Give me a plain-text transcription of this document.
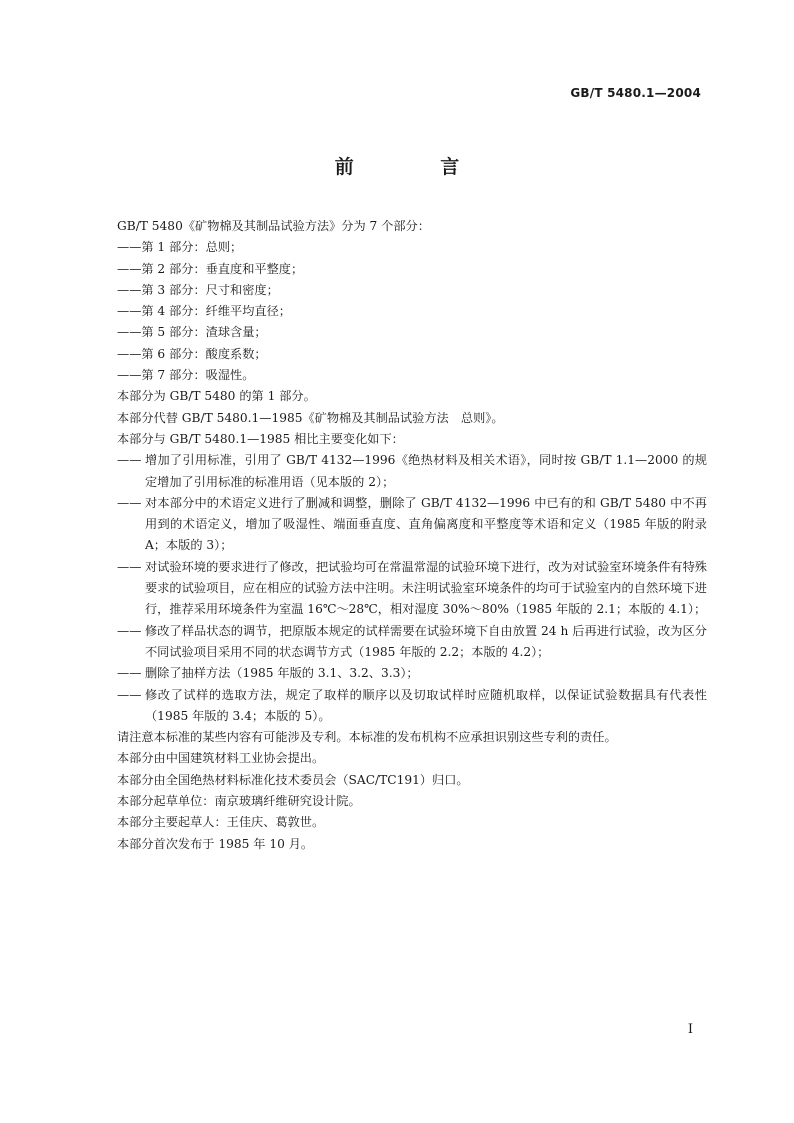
GB/T 5480.1—2004
前 言

GB/T 5480《矿物棉及其制品试验方法》分为 7 个部分：

——第 1 部分：总则；

——第 2 部分：垂直度和平整度；

——第 3 部分：尺寸和密度；

——第 4 部分：纤维平均直径；

——第 5 部分：渣球含量；

——第 6 部分：酸度系数；

——第 7 部分：吸湿性。

本部分为 GB/T 5480 的第 1 部分。

本部分代替 GB/T 5480.1—1985《矿物棉及其制品试验方法　总则》。

本部分与 GB/T 5480.1—1985 相比主要变化如下：

—— 增加了引用标准，引用了 GB/T 4132—1996《绝热材料及相关术语》，同时按 GB/T 1.1—2000 的规定增加了引用标准的标准用语（见本版的 2）；
—— 对本部分中的术语定义进行了删减和调整，删除了 GB/T 4132—1996 中已有的和 GB/T 5480 中不再用到的术语定义，增加了吸湿性、端面垂直度、直角偏离度和平整度等术语和定义（1985 年版的附录 A；本版的 3）；
—— 对试验环境的要求进行了修改，把试验均可在常温常湿的试验环境下进行，改为对试验室环境条件有特殊要求的试验项目，应在相应的试验方法中注明。未注明试验室环境条件的均可于试验室内的自然环境下进行，推荐采用环境条件为室温 16℃～28℃，相对湿度 30%～80%（1985 年版的 2.1；本版的 4.1）；
—— 修改了样品状态的调节，把原版本规定的试样需要在试验环境下自由放置 24 h 后再进行试验，改为区分不同试验项目采用不同的状态调节方式（1985 年版的 2.2；本版的 4.2）；
—— 删除了抽样方法（1985 年版的 3.1、3.2、3.3）；
—— 修改了试样的选取方法，规定了取样的顺序以及切取试样时应随机取样，以保证试验数据具有代表性（1985 年版的 3.4；本版的 5）。

请注意本标准的某些内容有可能涉及专利。本标准的发布机构不应承担识别这些专利的责任。

本部分由中国建筑材料工业协会提出。

本部分由全国绝热材料标准化技术委员会（SAC/TC191）归口。

本部分起草单位：南京玻璃纤维研究设计院。

本部分主要起草人：王佳庆、葛敦世。

本部分首次发布于 1985 年 10 月。

I
